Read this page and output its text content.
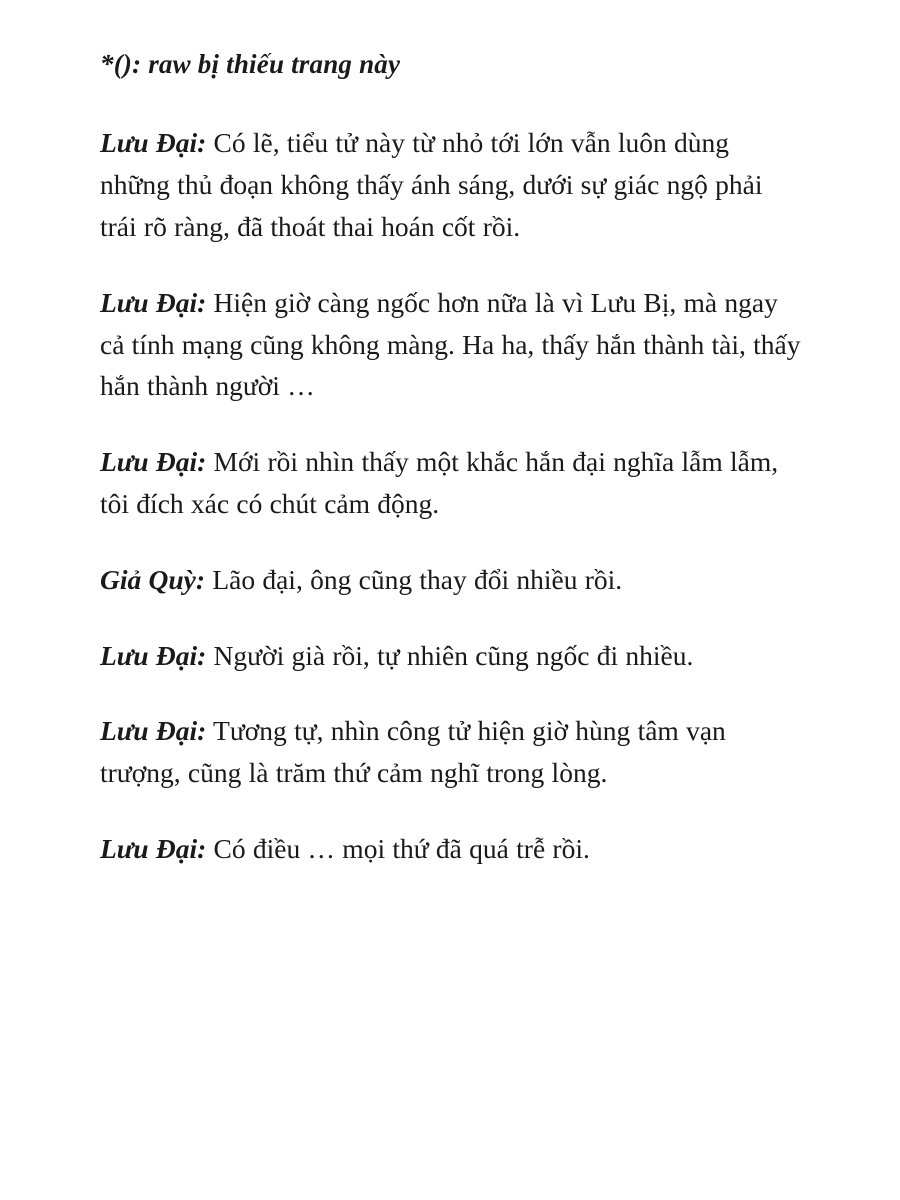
*(): raw bị thiếu trang này

Lưu Đại: Có lẽ, tiểu tử này từ nhỏ tới lớn vẫn luôn dùng những thủ đoạn không thấy ánh sáng, dưới sự giác ngộ phải trái rõ ràng, đã thoát thai hoán cốt rồi.

Lưu Đại: Hiện giờ càng ngốc hơn nữa là vì Lưu Bị, mà ngay cả tính mạng cũng không màng. Ha ha, thấy hắn thành tài, thấy hắn thành người …

Lưu Đại: Mới rồi nhìn thấy một khắc hắn đại nghĩa lẫm lẫm, tôi đích xác có chút cảm động.

Giả Quỳ: Lão đại, ông cũng thay đổi nhiều rồi.

Lưu Đại: Người già rồi, tự nhiên cũng ngốc đi nhiều.

Lưu Đại: Tương tự, nhìn công tử hiện giờ hùng tâm vạn trượng, cũng là trăm thứ cảm nghĩ trong lòng.

Lưu Đại: Có điều … mọi thứ đã quá trễ rồi.
